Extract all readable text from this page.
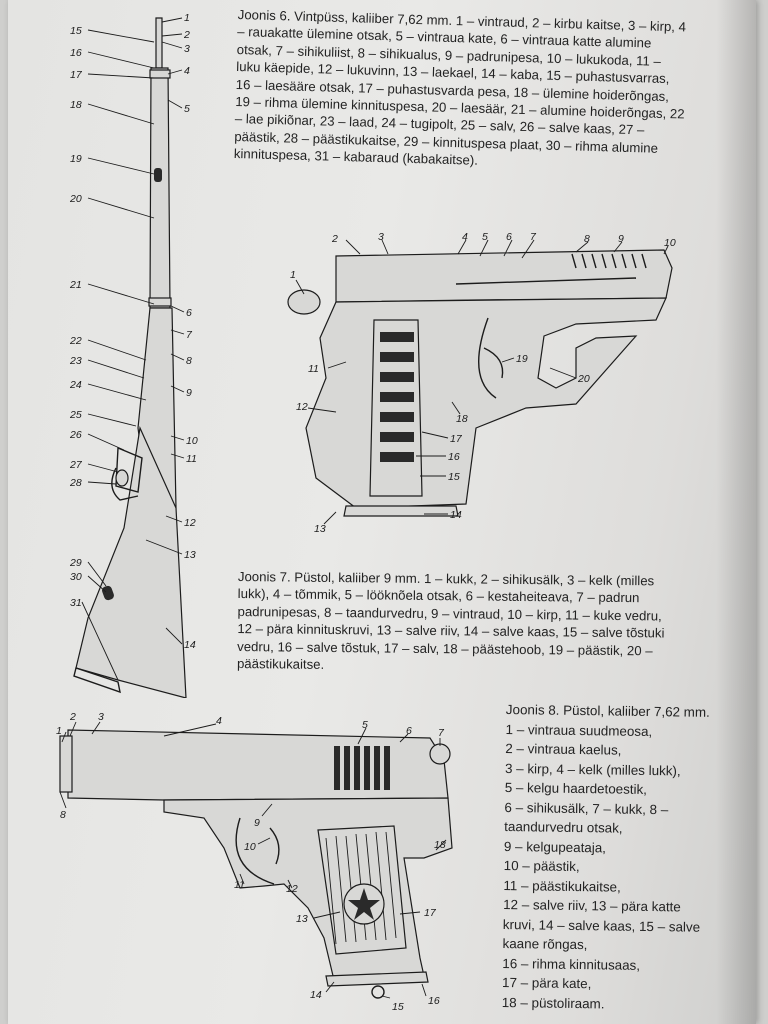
1
2
3
4
5
6
7
8
9
10
11
12
13
14
15
16
17
18
19
20
21
22
23
24
25
26
27
28
29
30
31

Joonis 6. Vintpüss, kaliiber 7,62 mm. 1 – vintraud, 2 – kirbu kaitse, 3 – kirp, 4 – rauakatte ülemine otsak, 5 – vintraua kate, 6 – vintraua katte alumine otsak, 7 – sihikuliist, 8 – sihikualus, 9 – padrunipesa, 10 – lukukoda, 11 – luku käepide, 12 – lukuvinn, 13 – laekael, 14 – kaba, 15 – puhastusvarras, 16 – laesääre otsak, 17 – puhastusvarda pesa, 18 – ülemine hoiderõngas, 19 – rihma ülemine kinnituspesa, 20 – laesäär, 21 – alumine hoiderõngas, 22 – lae pikiõnar, 23 – laad, 24 – tugipolt, 25 – salv, 26 – salve kaas, 27 – päästik, 28 – päästikukaitse, 29 – kinnituspesa plaat, 30 – rihma alumine kinnituspesa, 31 – kabaraud (kabakaitse).

1
2	3	4 5 6 7	8	9	10
11
12
13
14
15
16
17
18
19
20

Joonis 7. Püstol, kaliiber 9 mm. 1 – kukk, 2 – sihikusälk, 3 – kelk (milles lukk), 4 – tõmmik, 5 – lööknõela otsak, 6 – kestaheiteava, 7 – padrun padrunipesas, 8 – taandurvedru, 9 – vintraud, 10 – kirp, 11 – kuke vedru, 12 – pära kinnituskruvi, 13 – salve riiv, 14 – salve kaas, 15 – salve tõstuki vedru, 16 – salve tõstuk, 17 – salv, 18 – päästehoob, 19 – päästik, 20 – päästikukaitse.

1
2 3	4	5	6 7
8
9
10
11	12
13
14
15 16
17
18
Joonis 8. Püstol, kaliiber 7,62 mm.
1 – vintraua suudmeosa,
2 – vintraua kaelus,
3 – kirp, 4 – kelk (milles lukk),
5 – kelgu haardetoestik,
6 – sihikusälk, 7 – kukk, 8 – taandurvedru otsak,
9 – kelgupeataja,
10 – päästik,
11 – päästikukaitse,
12 – salve riiv, 13 – pära katte kruvi, 14 – salve kaas, 15 – salve kaane rõngas,
16 – rihma kinnitusaas,
17 – pära kate,
18 – püstoliraam.
